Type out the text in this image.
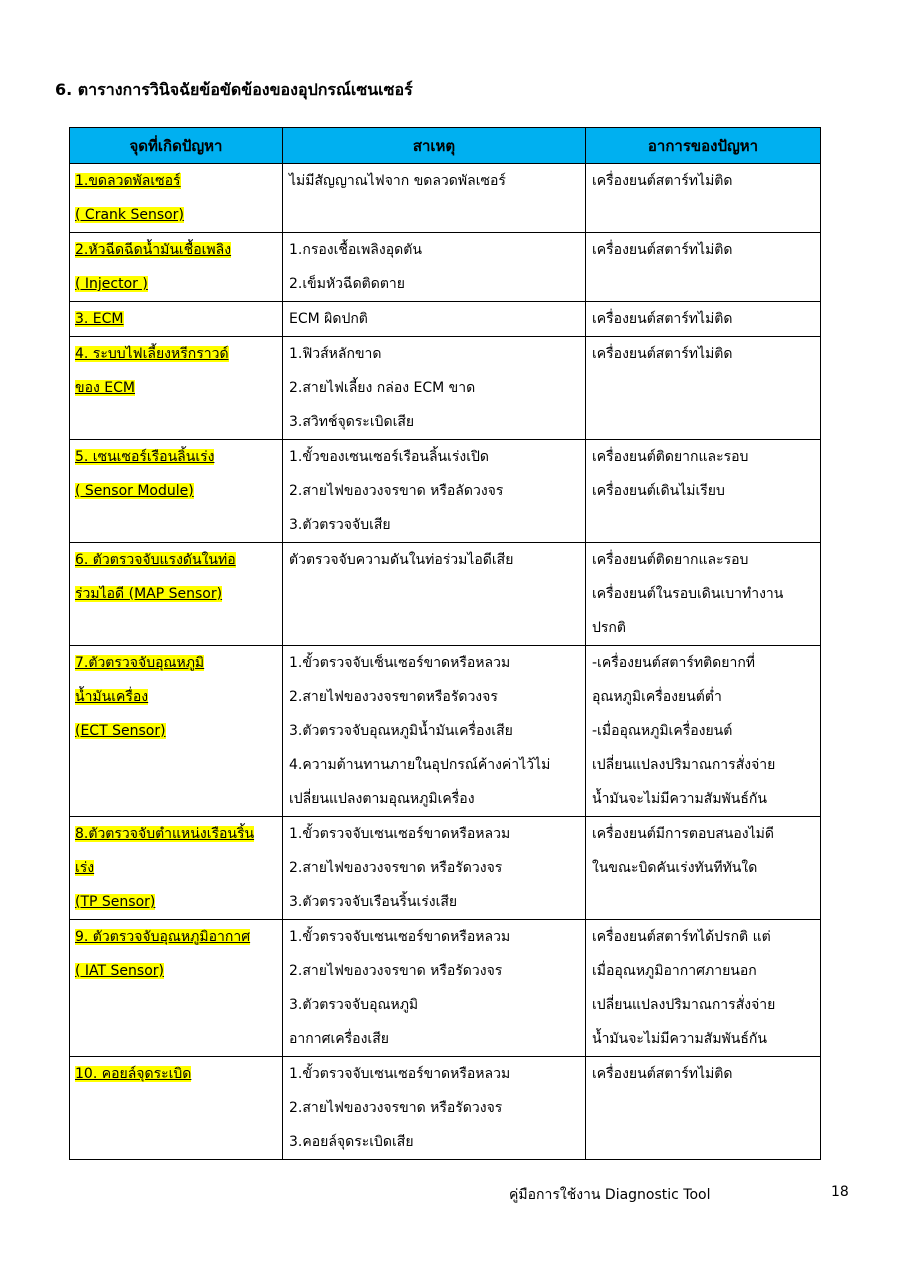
6. ตารางการวินิจฉัยข้อขัดข้องของอุปกรณ์เซนเซอร์
จุดที่เกิดปัญหา	สาเหตุ	อาการของปัญหา

1.ขดลวดพัลเซอร์
( Crank Sensor)	ไม่มีสัญญาณไฟจาก ขดลวดพัลเซอร์	เครื่องยนต์สตาร์ทไม่ติด

2.หัวฉีดฉีดน้ำมันเชื้อเพลิง
( Injector )	1.กรองเชื้อเพลิงอุดตัน
2.เข็มหัวฉีดติดตาย	เครื่องยนต์สตาร์ทไม่ติด

3. ECM	ECM ผิดปกติ	เครื่องยนต์สตาร์ทไม่ติด

4. ระบบไฟเลี้ยงหรีกราวด์
ของ ECM	1.ฟิวส์หลักขาด
2.สายไฟเลี้ยง กล่อง ECM ขาด
3.สวิทช์จุดระเบิดเสีย	เครื่องยนต์สตาร์ทไม่ติด

5. เซนเซอร์เรือนลิ้นเร่ง
( Sensor Module)	1.ขั้วของเซนเซอร์เรือนลิ้นเร่งเปิด
2.สายไฟของวงจรขาด หรือลัดวงจร
3.ตัวตรวจจับเสีย	เครื่องยนต์ติดยากและรอบ
เครื่องยนต์เดินไม่เรียบ

6. ตัวตรวจจับแรงดันในท่อ
ร่วมไอดี (MAP Sensor)	ตัวตรวจจับความดันในท่อร่วมไอดีเสีย	เครื่องยนต์ติดยากและรอบ
เครื่องยนต์ในรอบเดินเบาทำงาน
ปรกติ

7.ตัวตรวจจับอุณหภูมิ
น้ำมันเครื่อง
(ECT Sensor)	1.ขั้วตรวจจับเซ็นเซอร์ขาดหรือหลวม
2.สายไฟของวงจรขาดหรือรัดวงจร
3.ตัวตรวจจับอุณหภูมิน้ำมันเครื่องเสีย
4.ความต้านทานภายในอุปกรณ์ค้างค่าไว้ไม่
เปลี่ยนแปลงตามอุณหภูมิเครื่อง	-เครื่องยนต์สตาร์ทติดยากที่
อุณหภูมิเครื่องยนต์ต่ำ
-เมื่ออุณหภูมิเครื่องยนต์
เปลี่ยนแปลงปริมาณการสั่งจ่าย
น้ำมันจะไม่มีความสัมพันธ์กัน

8.ตัวตรวจจับตำแหน่งเรือนริ้น
เร่ง
(TP Sensor)	1.ขั้วตรวจจับเซนเซอร์ขาดหรือหลวม
2.สายไฟของวงจรขาด หรือรัดวงจร
3.ตัวตรวจจับเรือนริ้นเร่งเสีย	เครื่องยนต์มีการตอบสนองไม่ดี
ในขณะบิดคันเร่งทันทีทันใด

9. ตัวตรวจจับอุณหภูมิอากาศ
( IAT Sensor)	1.ขั้วตรวจจับเซนเซอร์ขาดหรือหลวม
2.สายไฟของวงจรขาด หรือรัดวงจร
3.ตัวตรวจจับอุณหภูมิ
อากาศเครื่องเสีย	เครื่องยนต์สตาร์ทได้ปรกติ แต่
เมื่ออุณหภูมิอากาศภายนอก
เปลี่ยนแปลงปริมาณการสั่งจ่าย
น้ำมันจะไม่มีความสัมพันธ์กัน

10. คอยล์จุดระเบิด	1.ขั้วตรวจจับเซนเซอร์ขาดหรือหลวม
2.สายไฟของวงจรขาด หรือรัดวงจร
3.คอยล์จุดระเบิดเสีย	เครื่องยนต์สตาร์ทไม่ติด
คู่มือการใช้งาน Diagnostic Tool	18
